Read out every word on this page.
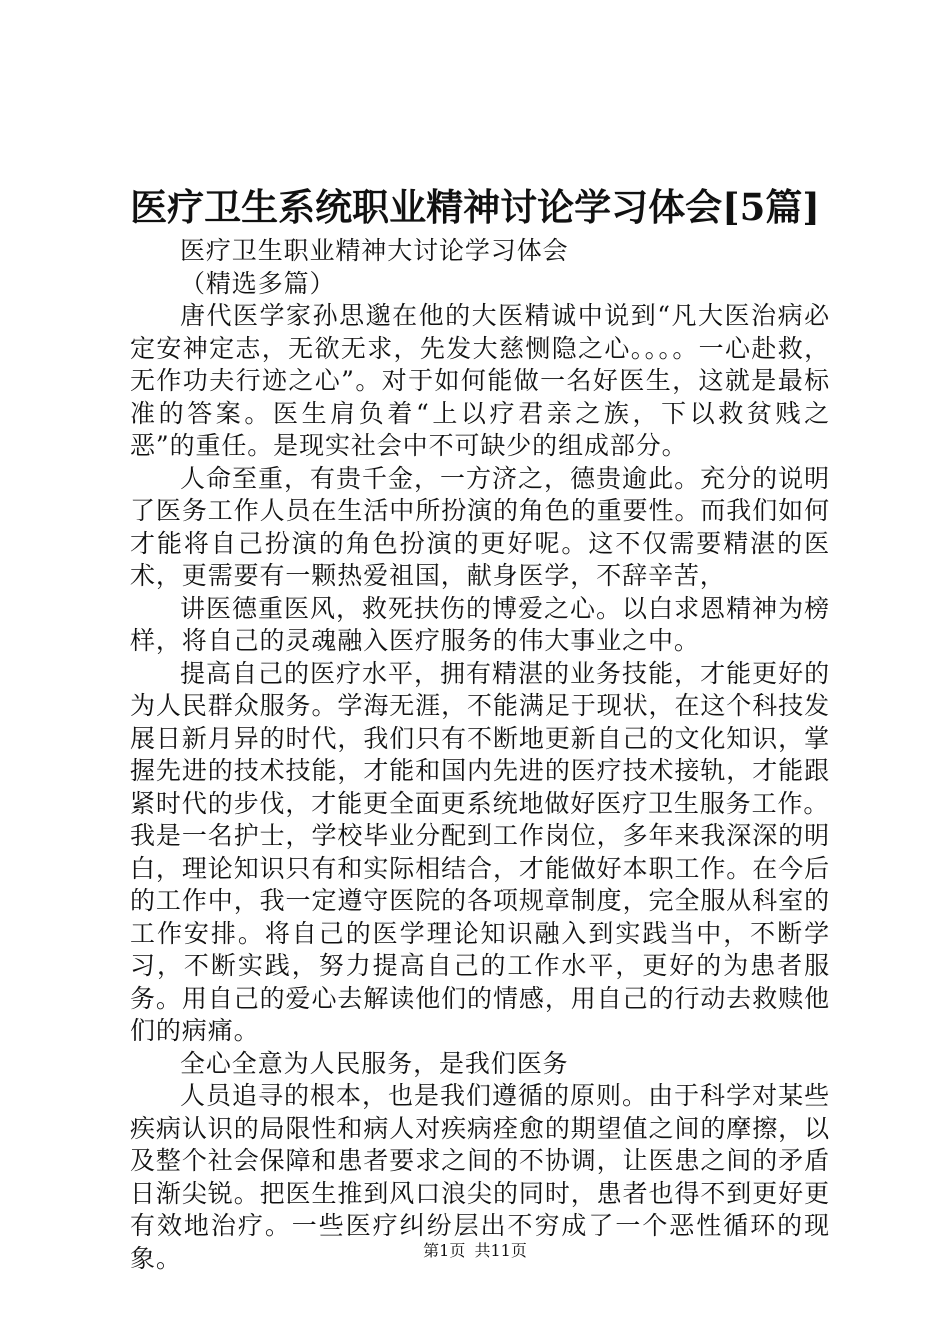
医疗卫生系统职业精神讨论学习体会[5篇]

医疗卫生职业精神大讨论学习体会

（精选多篇）

唐代医学家孙思邈在他的大医精诚中说到“凡大医治病必定安神定志，无欲无求，先发大慈恻隐之心。。。。一心赴救，无作功夫行迹之心”。对于如何能做一名好医生，这就是最标准的答案。医生肩负着“上以疗君亲之族，下以救贫贱之恶”的重任。是现实社会中不可缺少的组成部分。

人命至重，有贵千金，一方济之，德贵逾此。充分的说明了医务工作人员在生活中所扮演的角色的重要性。而我们如何才能将自己扮演的角色扮演的更好呢。这不仅需要精湛的医术，更需要有一颗热爱祖国，献身医学，不辞辛苦，

讲医德重医风，救死扶伤的博爱之心。以白求恩精神为榜样，将自己的灵魂融入医疗服务的伟大事业之中。

提高自己的医疗水平，拥有精湛的业务技能，才能更好的为人民群众服务。学海无涯，不能满足于现状，在这个科技发展日新月异的时代，我们只有不断地更新自己的文化知识，掌握先进的技术技能，才能和国内先进的医疗技术接轨，才能跟紧时代的步伐，才能更全面更系统地做好医疗卫生服务工作。

我是一名护士，学校毕业分配到工作岗位，多年来我深深的明白，理论知识只有和实际相结合，才能做好本职工作。在今后的工作中，我一定遵守医院的各项规章制度，完全服从科室的工作安排。将自己的医学理论知识融入到实践当中，不断学习，不断实践，努力提高自己的工作水平，更好的为患者服务。用自己的爱心去解读他们的情感，用自己的行动去救赎他们的病痛。

全心全意为人民服务，是我们医务

人员追寻的根本，也是我们遵循的原则。由于科学对某些疾病认识的局限性和病人对疾病痊愈的期望值之间的摩擦，以及整个社会保障和患者要求之间的不协调，让医患之间的矛盾日渐尖锐。把医生推到风口浪尖的同时，患者也得不到更好更有效地治疗。一些医疗纠纷层出不穷成了一个恶性循环的现象。	第1页 共11页
